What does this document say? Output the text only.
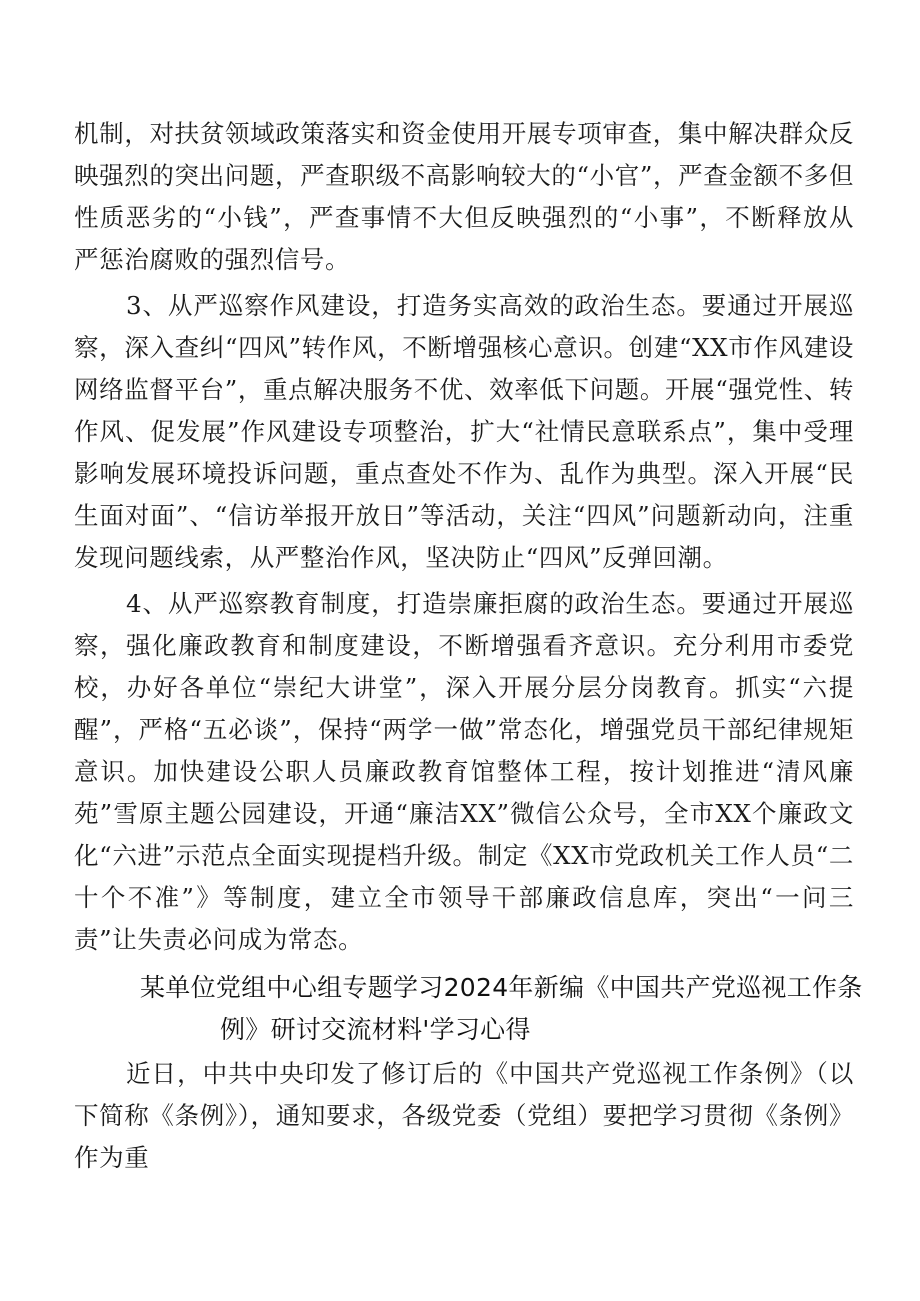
机制，对扶贫领域政策落实和资金使用开展专项审查，集中解决群众反映强烈的突出问题，严查职级不高影响较大的“小官”，严查金额不多但性质恶劣的“小钱”，严查事情不大但反映强烈的“小事”，不断释放从严惩治腐败的强烈信号。

3、从严巡察作风建设，打造务实高效的政治生态。要通过开展巡察，深入查纠“四风”转作风，不断增强核心意识。创建“XX市作风建设网络监督平台”，重点解决服务不优、效率低下问题。开展“强党性、转作风、促发展”作风建设专项整治，扩大“社情民意联系点”，集中受理影响发展环境投诉问题，重点查处不作为、乱作为典型。深入开展“民生面对面”、“信访举报开放日”等活动，关注“四风”问题新动向，注重发现问题线索，从严整治作风，坚决防止“四风”反弹回潮。

4、从严巡察教育制度，打造崇廉拒腐的政治生态。要通过开展巡察，强化廉政教育和制度建设，不断增强看齐意识。充分利用市委党校，办好各单位“崇纪大讲堂”，深入开展分层分岗教育。抓实“六提醒”，严格“五必谈”，保持“两学一做”常态化，增强党员干部纪律规矩意识。加快建设公职人员廉政教育馆整体工程，按计划推进“清风廉苑”雪原主题公园建设，开通“廉洁XX”微信公众号，全市XX个廉政文化“六进”示范点全面实现提档升级。制定《XX市党政机关工作人员“二十个不准”》等制度，建立全市领导干部廉政信息库，突出“一问三责”让失责必问成为常态。

某单位党组中心组专题学习2024年新编《中国共产党巡视工作条
例》研讨交流材料'学习心得

近日，中共中央印发了修订后的《中国共产党巡视工作条例》（以下简称《条例》），通知要求，各级党委（党组）要把学习贯彻《条例》作为重
